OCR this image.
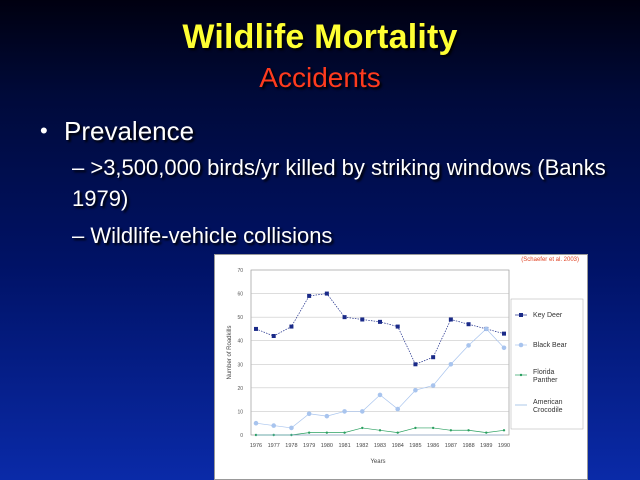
Wildlife Mortality
Accidents
• Prevalence
– >3,500,000 birds/yr killed by striking windows (Banks 1979)
– Wildlife-vehicle collisions
(Schaefer et al. 2003)
0
10
20
30
40
50
60
70
1976 1977 1978 1979 1980 1981 1982 1983 1984 1985 1986 1987 1988 1989 1990
Years
Number of Roadkills
Key Deer
Black Bear
Florida Panther
American Crocodile
